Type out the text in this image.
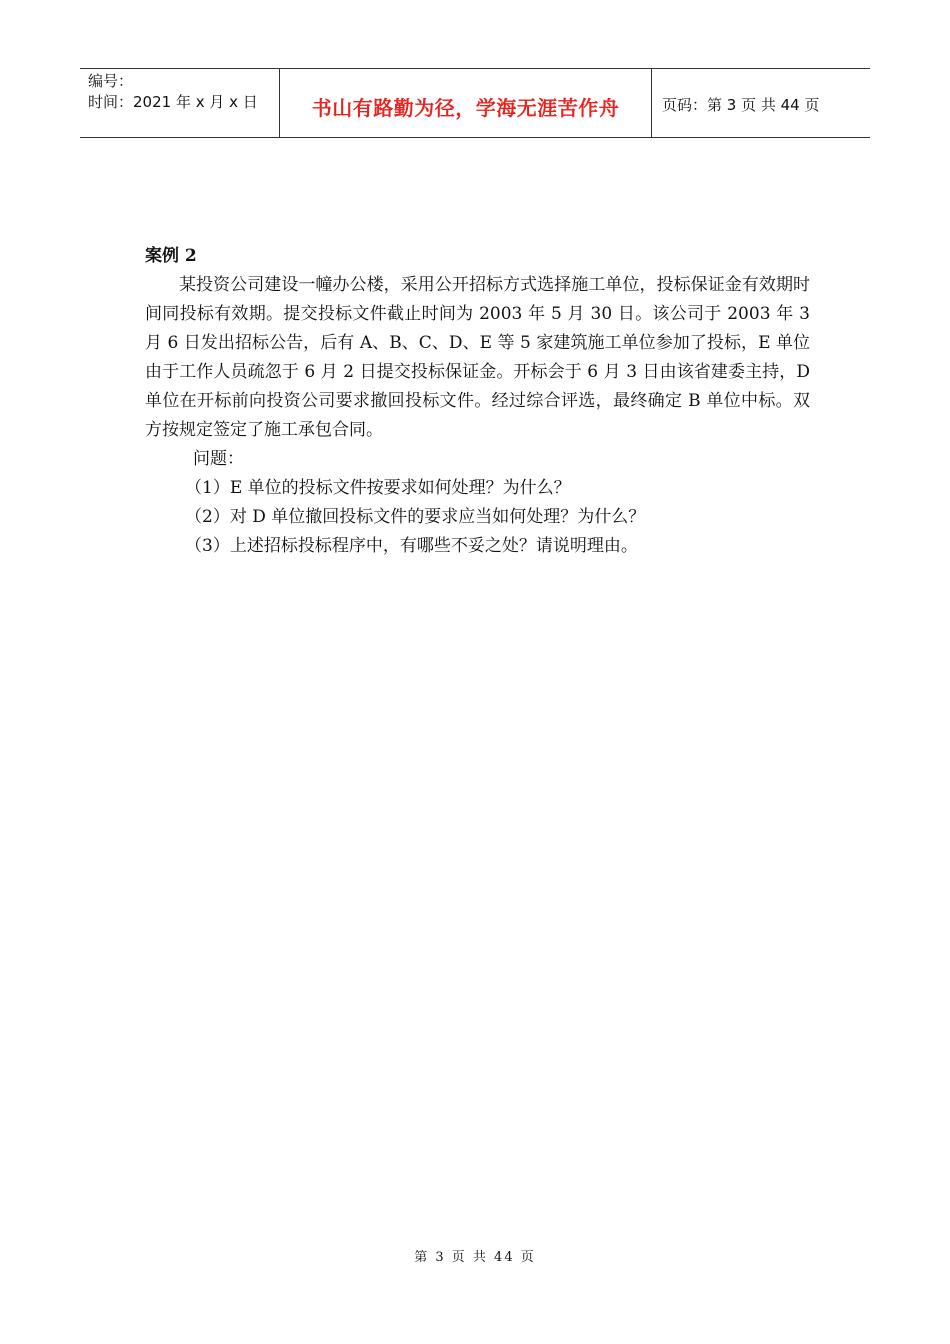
编号：
时间：2021 年 x 月 x 日	书山有路勤为径，学海无涯苦作舟	页码：第 3 页 共 44 页

案例 2

某投资公司建设一幢办公楼，采用公开招标方式选择施工单位，投标保证金有效期时间同投标有效期。提交投标文件截止时间为 2003 年 5 月 30 日。该公司于 2003 年 3 月 6 日发出招标公告，后有 A、B、C、D、E 等 5 家建筑施工单位参加了投标，E 单位由于工作人员疏忽于 6 月 2 日提交投标保证金。开标会于 6 月 3 日由该省建委主持，D 单位在开标前向投资公司要求撤回投标文件。经过综合评选，最终确定 B 单位中标。双方按规定签定了施工承包合同。

问题：

（1）E 单位的投标文件按要求如何处理？为什么？

（2）对 D 单位撤回投标文件的要求应当如何处理？为什么？

（3）上述招标投标程序中，有哪些不妥之处？请说明理由。

第 3 页 共 44 页
